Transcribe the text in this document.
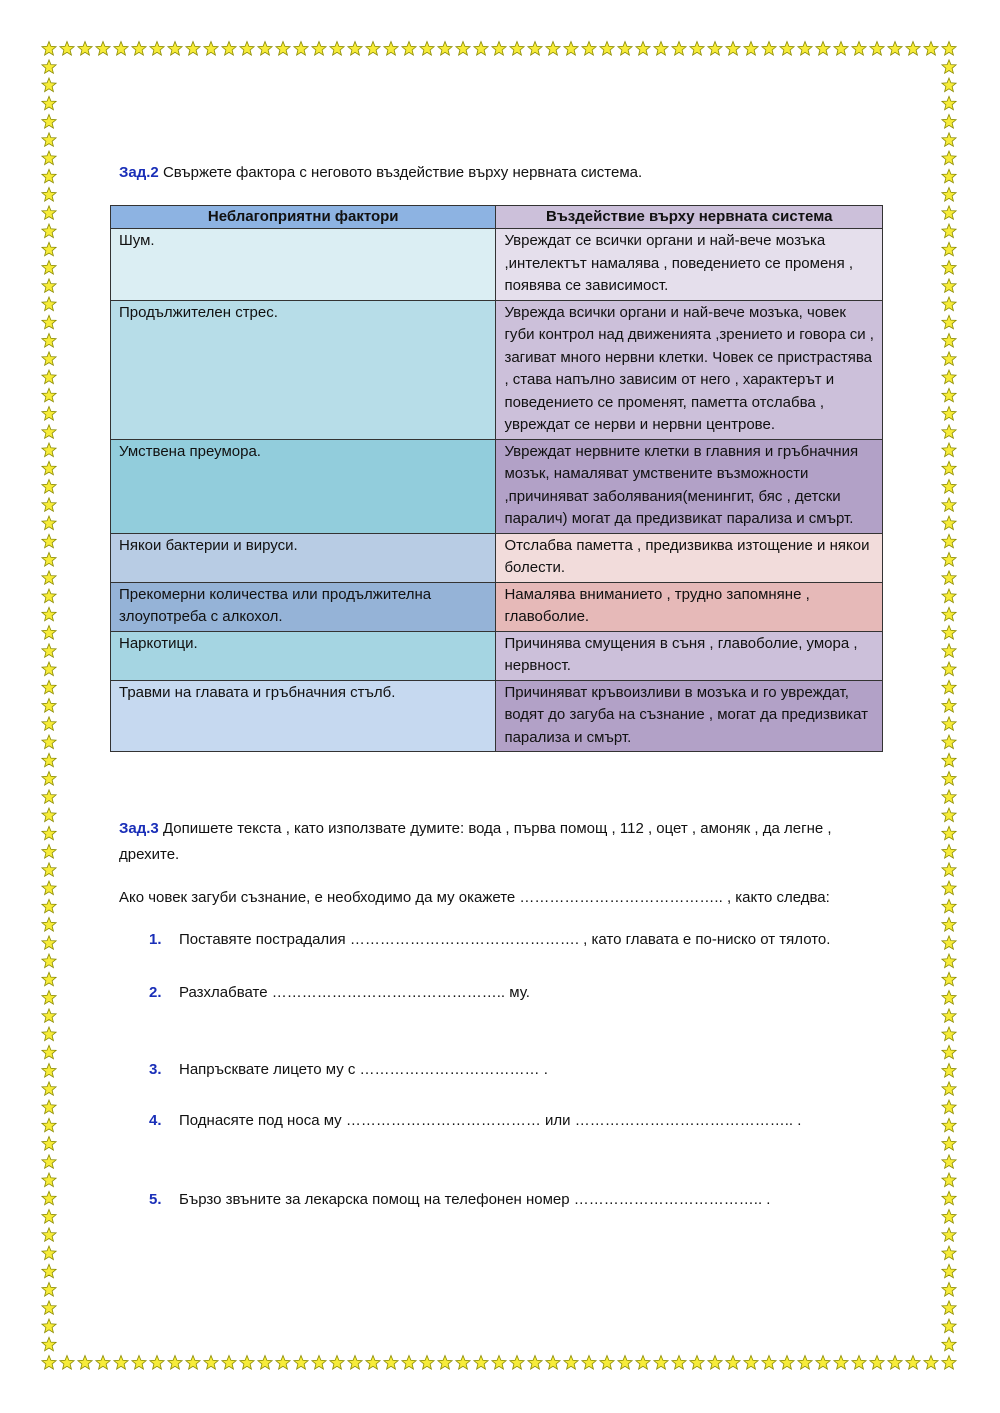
Зад.2 Свържете фактора с неговото въздействие върху нервната система.
Неблагоприятни фактори	Въздействие върху нервната система
Шум.	Увреждат се всички органи и най-вече мозъка ,интелектът намалява , поведението се променя , появява се зависимост.
Продължителен стрес.	Уврежда всички органи и най-вече мозъка, човек губи контрол над движенията ,зрението и говора си , загиват много нервни клетки. Човек се пристрастява , става напълно зависим от него , характерът и поведението се променят, паметта отслабва , увреждат се нерви и нервни центрове.
Умствена преумора.	Увреждат нервните клетки в главния и гръбначния мозък, намаляват умствените възможности ,причиняват заболявания(менингит, бяс , детски паралич) могат да предизвикат парализа и смърт.
Някои бактерии и вируси.	Отслабва паметта , предизвиква изтощение и някои болести.
Прекомерни количества или продължителна злоупотреба с алкохол.	Намалява вниманието , трудно запомняне , главоболие.
Наркотици.	Причинява смущения в съня , главоболие, умора , нервност.
Травми на главата и гръбначния стълб.	Причиняват кръвоизливи в мозъка и го увреждат, водят до загуба на съзнание , могат да предизвикат парализа и смърт.
Зад.3 Допишете текста , като използвате думите: вода , първа помощ , 112 , оцет , амоняк , да легне , дрехите.
Ако човек загуби съзнание, е необходимо да му окажете ………………………………….. , както следва:
1. Поставяте пострадалия ………………………………………. , като главата е по-ниско от тялото.
2. Разхлабвате ……………………………………….. му.
3. Напръсквате лицето му с ……………………………… .
4. Поднасяте под носа му ………………………………… или …………………………………….. .
5. Бързо звъните за лекарска помощ на телефонен номер ……………………………….. .
